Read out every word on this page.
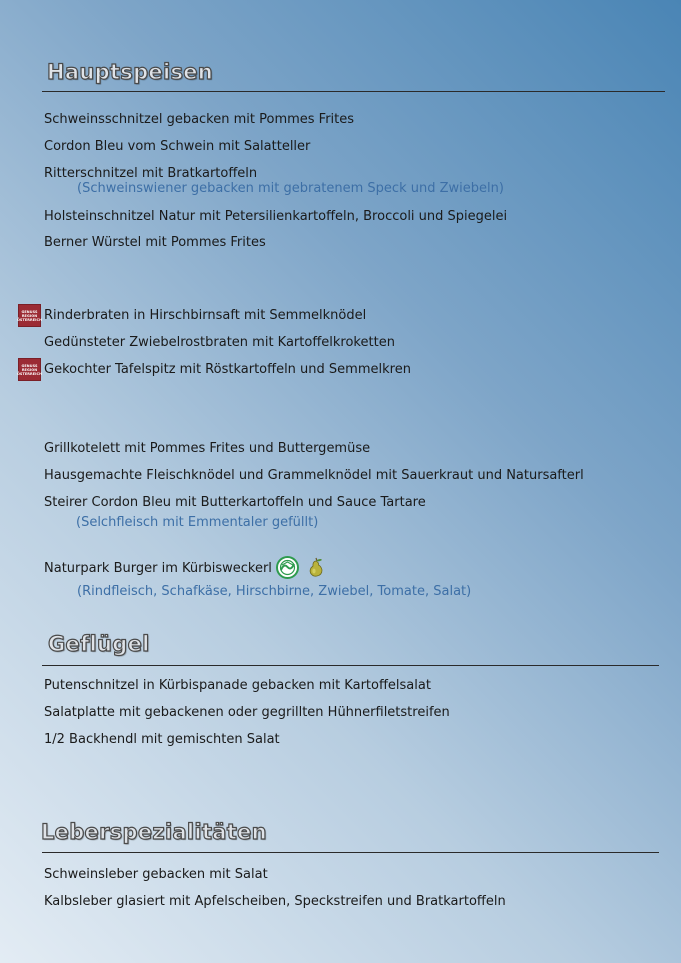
Hauptspeisen
Schweinsschnitzel gebacken mit Pommes Frites
Cordon Bleu vom Schwein mit Salatteller
Ritterschnitzel mit Bratkartoffeln
(Schweinswiener gebacken mit gebratenem Speck und Zwiebeln)
Holsteinschnitzel Natur mit Petersilienkartoffeln, Broccoli und Spiegelei
Berner Würstel mit Pommes Frites
GENUSS
REGION
ÖSTERREICH Rinderbraten in Hirschbirnsaft mit Semmelknödel
Gedünsteter Zwiebelrostbraten mit Kartoffelkroketten
GENUSS
REGION
ÖSTERREICH Gekochter Tafelspitz mit Röstkartoffeln und Semmelkren
Grillkotelett mit Pommes Frites und Buttergemüse
Hausgemachte Fleischknödel und Grammelknödel mit Sauerkraut und Natursafterl
Steirer Cordon Bleu mit Butterkartoffeln und Sauce Tartare
(Selchfleisch mit Emmentaler gefüllt)
Naturpark Burger im Kürbisweckerl
(Rindfleisch, Schafkäse, Hirschbirne, Zwiebel, Tomate, Salat)
Geflügel
Putenschnitzel in Kürbispanade gebacken mit Kartoffelsalat
Salatplatte mit gebackenen oder gegrillten Hühnerfiletstreifen
1/2 Backhendl mit gemischten Salat
Leberspezialitäten
Schweinsleber gebacken mit Salat
Kalbsleber glasiert mit Apfelscheiben, Speckstreifen und Bratkartoffeln
